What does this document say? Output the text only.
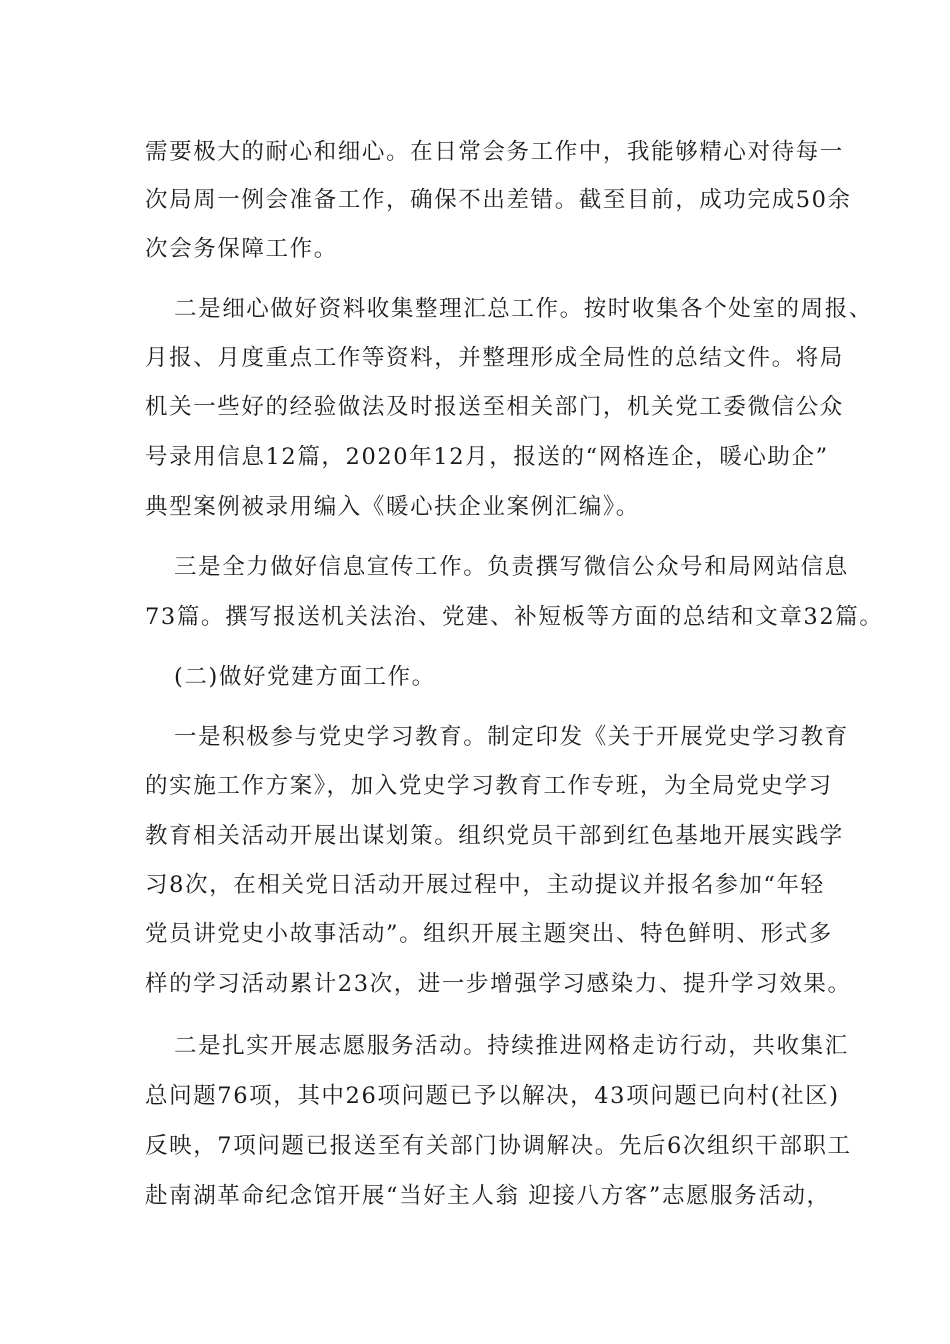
需要极大的耐心和细心。在日常会务工作中，我能够精心对待每一
次局周一例会准备工作，确保不出差错。截至目前，成功完成50余
次会务保障工作。
二是细心做好资料收集整理汇总工作。按时收集各个处室的周报、
月报、月度重点工作等资料，并整理形成全局性的总结文件。将局
机关一些好的经验做法及时报送至相关部门，机关党工委微信公众
号录用信息12篇，2020年12月，报送的“网格连企，暖心助企”
典型案例被录用编入《暖心扶企业案例汇编》。
三是全力做好信息宣传工作。负责撰写微信公众号和局网站信息
73篇。撰写报送机关法治、党建、补短板等方面的总结和文章32篇。
(二)做好党建方面工作。
一是积极参与党史学习教育。制定印发《关于开展党史学习教育
的实施工作方案》，加入党史学习教育工作专班，为全局党史学习
教育相关活动开展出谋划策。组织党员干部到红色基地开展实践学
习8次，在相关党日活动开展过程中，主动提议并报名参加“年轻
党员讲党史小故事活动”。组织开展主题突出、特色鲜明、形式多
样的学习活动累计23次，进一步增强学习感染力、提升学习效果。
二是扎实开展志愿服务活动。持续推进网格走访行动，共收集汇
总问题76项，其中26项问题已予以解决，43项问题已向村(社区)
反映，7项问题已报送至有关部门协调解决。先后6次组织干部职工
赴南湖革命纪念馆开展“当好主人翁 迎接八方客”志愿服务活动，
